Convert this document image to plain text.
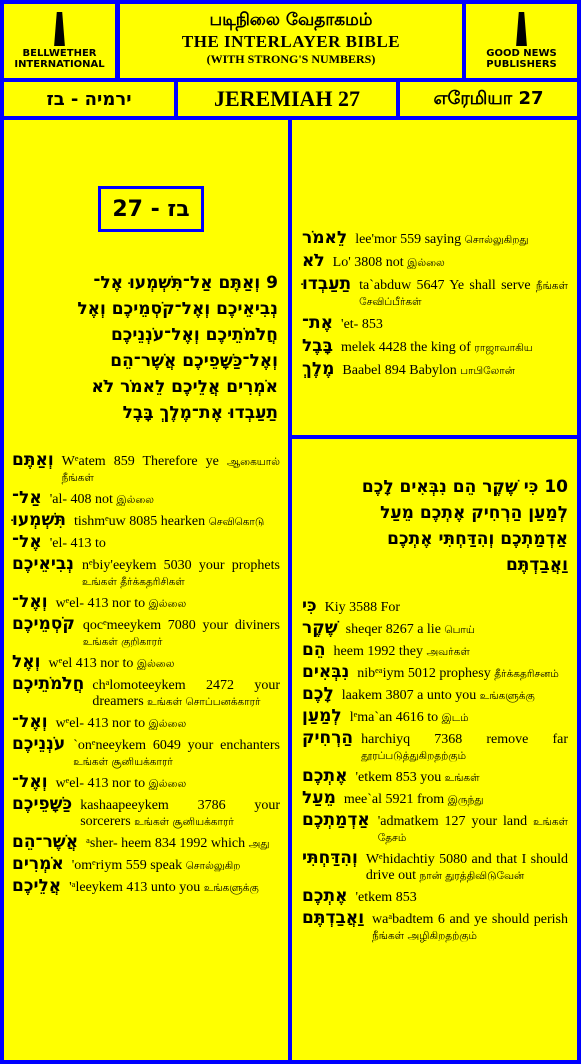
BELLWETHER INTERNATIONAL
படிநிலை வேதாகமம்
THE INTERLAYER BIBLE
(WITH STRONG'S NUMBERS)	GOOD NEWS PUBLISHERS
ירמיה - בז	JEREMIAH 27	எரேமியா 27
בז - 27
9 וְאַתֶּם אַל־תִּשְׁמְעוּ אֶל־
נְבִיאֵיכֶם וְאֶל־קֹסְמֵיכֶם וְאֶל
חֲלֹמֹתֵיכֶם וְאֶל־עֹנְנֵיכֶם
וְאֶל־כַּשָּׁפֵיכֶם אֲשֶׁר־הֵם
אֹמְרִים אֲלֵיכֶם לֵאמֹר לֹא
תַעַבְדוּ אֶת־מֶלֶךְ בָּבֶל
וְאַתֶּם Wᵉatem 859 Therefore ye ஆகையால் நீங்கள்
אַל־ 'al- 408 not இல்லை
תִּשְׁמְעוּ tishmᵉuw 8085 hearken செவிகொடு
אֶל־ 'el- 413 to
נְבִיאֵיכֶם nᵉbiy'eeykem 5030 your prophets உங்கள் தீர்க்கதரிசிகள்
וְאֶל־ wᵉel- 413 nor to இல்லை
קֹסְמֵיכֶם qocᵉmeeykem 7080 your diviners உங்கள் குறிகாரர்
וְאֶל wᵉel 413 nor to இல்லை
חֲלֹמֹתֵיכֶם chᵃlomoteeykem 2472 your dreamers உங்கள் சொப்பனக்காரர்
וְאֶל־ wᵉel- 413 nor to இல்லை
עֹנְנֵיכֶם `onᵉneeykem 6049 your enchanters உங்கள் சூனியக்காரர்
וְאֶל־ wᵉel- 413 nor to இல்லை
כַּשָּׁפֵיכֶם kashaapeeykem 3786 your sorcerers உங்கள் சூனியக்காரர்
אֲשֶׁר־הֵם ᵃsher- heem 834 1992 which அது
אֹמְרִים 'omᵉriym 559 speak சொல்லுகிற
אֲלֵיכֶם 'ᵃleeykem 413 unto you உங்களுக்கு
לֵאמֹר lee'mor 559 saying சொல்லுகிறது
לֹא Lo' 3808 not இல்லை
תַעַבְדוּ ta`abduw 5647 Ye shall serve நீங்கள் சேவிப்பீர்கள்
אֶת־ 'et- 853
בָּבֶל melek 4428 the king of ராஜாவாகிய
מֶלֶךְ Baabel 894 Babylon பாபிலோன்
10 כִּי שֶׁקֶר הֵם נִבְּאִים לָכֶם
לְמַעַן הַרְחִיק אֶתְכֶם מֵעַל
אַדְמַתְכֶם וְהִדַּחְתִּי אֶתְכֶם
וַאֲבַדְתֶּם
כִּי Kiy 3588 For
שֶׁקֶר sheqer 8267 a lie பொய்
הֵם heem 1992 they அவர்கள்
נִבְּאִים nibᵉᵃiym 5012 prophesy தீர்க்கதரிசனம்
לָכֶם laakem 3807 a unto you உங்களுக்கு
לְמַעַן lᵉma`an 4616 to இடம்
הַרְחִיק harchiyq 7368 remove far தூரப்படுத்துகிறதற்கும்
אֶתְכֶם 'etkem 853 you உங்கள்
מֵעַל mee`al 5921 from இருந்து
אַדְמַתְכֶם 'admatkem 127 your land உங்கள் தேசம்
וְהִדַּחְתִּי Wᵉhidachtiy 5080 and that I should drive out நான் துரத்திவிடுவேன்
אֶתְכֶם 'etkem 853
וַאֲבַדְתֶּם waᵃbadtem 6 and ye should perish நீங்கள் அழிகிறதற்கும்
